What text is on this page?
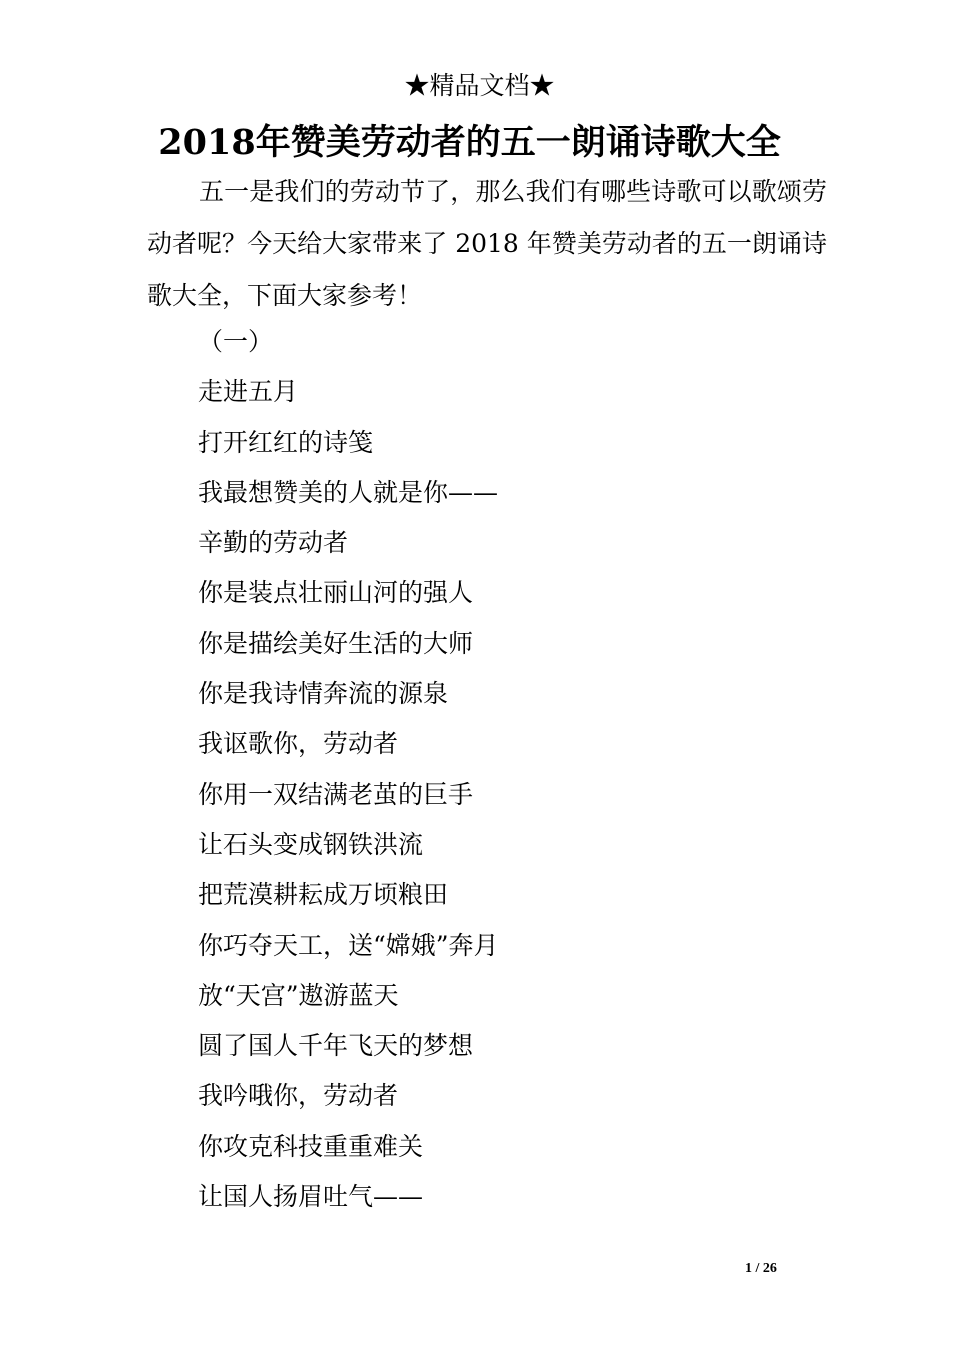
★精品文档★
2018年赞美劳动者的五一朗诵诗歌大全
五一是我们的劳动节了，那么我们有哪些诗歌可以歌颂劳动者呢？今天给大家带来了 2018 年赞美劳动者的五一朗诵诗歌大全，下面大家参考！
（一）
走进五月
打开红红的诗笺
我最想赞美的人就是你——
辛勤的劳动者
你是装点壮丽山河的强人
你是描绘美好生活的大师
你是我诗情奔流的源泉
我讴歌你，劳动者
你用一双结满老茧的巨手
让石头变成钢铁洪流
把荒漠耕耘成万顷粮田
你巧夺天工，送“嫦娥”奔月
放“天宫”遨游蓝天
圆了国人千年飞天的梦想
我吟哦你，劳动者
你攻克科技重重难关
让国人扬眉吐气——
1 / 26
